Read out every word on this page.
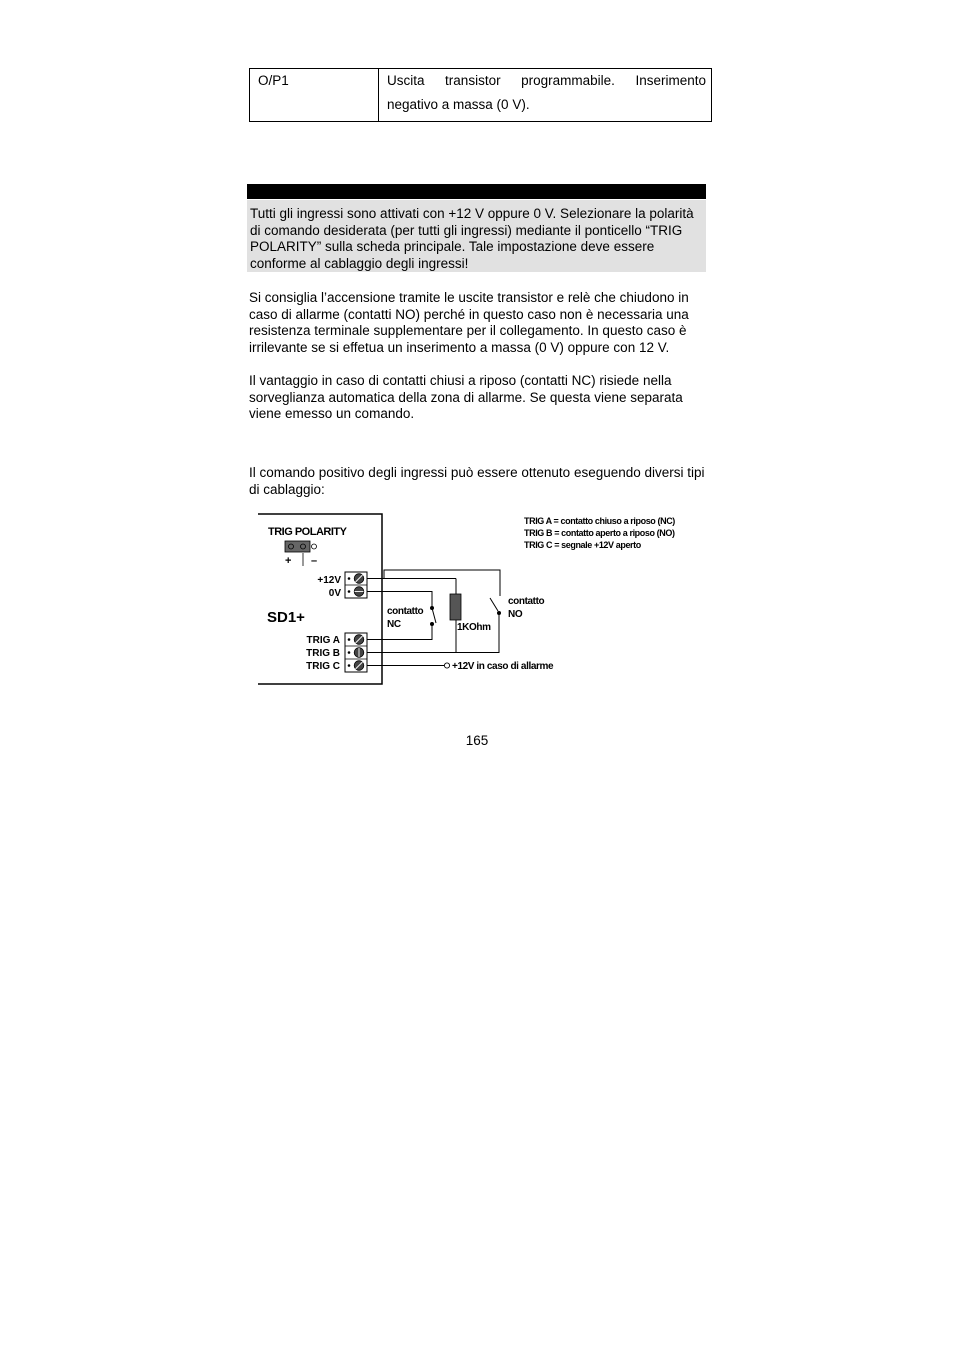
O/P1	Uscita transistor programmabile. Inserimento negativo a massa (0 V).

Tutti gli ingressi sono attivati con +12 V oppure 0 V. Selezionare la polarità di comando desiderata (per tutti gli ingressi) mediante il ponticello “TRIG POLARITY” sulla scheda principale. Tale impostazione deve essere conforme al cablaggio degli ingressi!

Si consiglia l’accensione tramite le uscite transistor e relè che chiudono in caso di allarme (contatti NO) perché in questo caso non è necessaria una resistenza terminale supplementare per il collegamento. In questo caso è irrilevante se si effetua un inserimento a massa (0 V) oppure con 12 V.

Il vantaggio in caso di contatti chiusi a riposo (contatti NC) risiede nella sorveglianza automatica della zona di allarme. Se questa viene separata viene emesso un comando.

Il comando positivo degli ingressi può essere ottenuto eseguendo diversi tipi di cablaggio:

TRIG POLARITY
+ –
SD1+
+12V
0V
TRIG A
TRIG B
TRIG C
1KOhm
contatto
NC
contatto
NO
+12V in caso di allarme
TRIG A = contatto chiuso a riposo (NC)
TRIG B = contatto aperto a riposo (NO)
TRIG C = segnale +12V aperto
165
